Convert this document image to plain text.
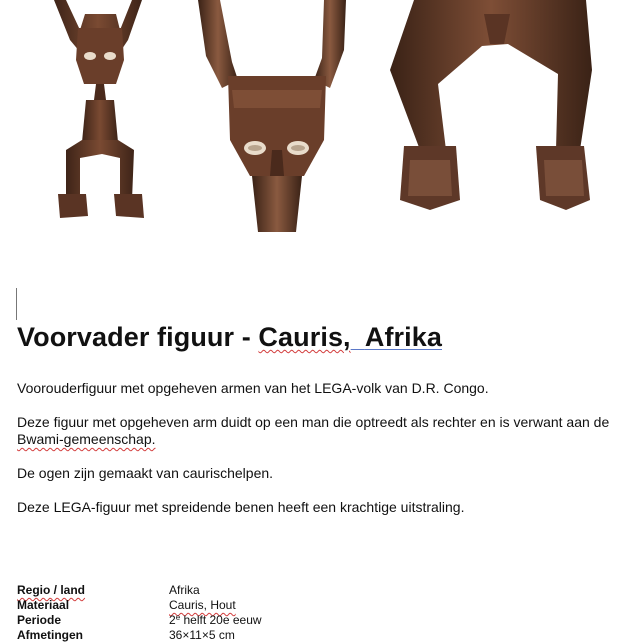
Voorvader figuur - Cauris, Afrika

Voorouderfiguur met opgeheven armen van het LEGA-volk van D.R. Congo.

Deze figuur met opgeheven arm duidt op een man die optreedt als rechter en is verwant aan de
Bwami-gemeenschap.

De ogen zijn gemaakt van caurischelpen.

Deze LEGA-figuur met spreidende benen heeft een krachtige uitstraling.

Regio / land	Afrika
Materiaal	Cauris, Hout
Periode	2e helft 20e eeuw
Afmetingen	36×11×5 cm
